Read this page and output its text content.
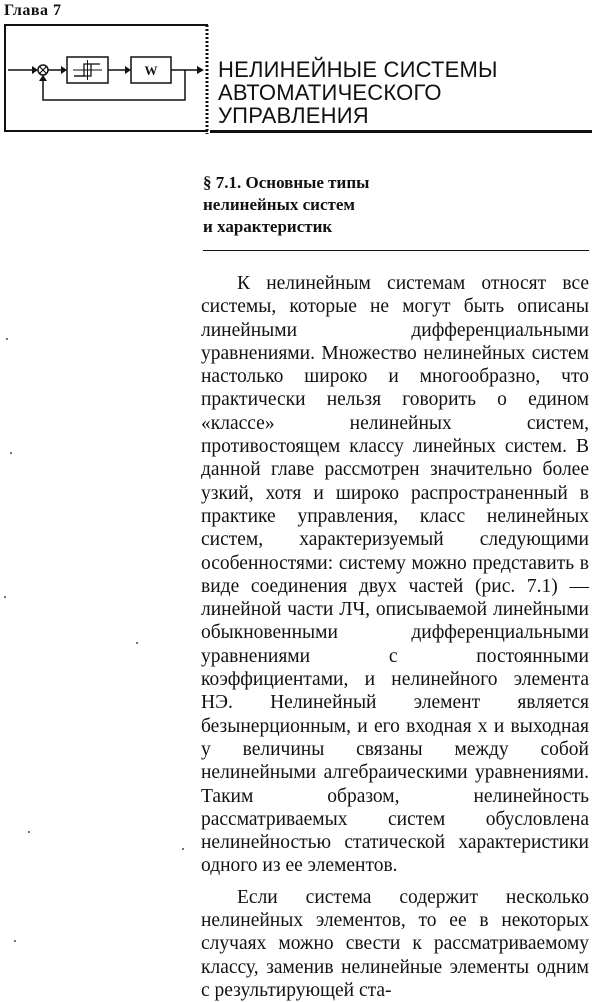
Глава 7
W	НЕЛИНЕЙНЫЕ СИСТЕМЫ
АВТОМАТИЧЕСКОГО
УПРАВЛЕНИЯ
§ 7.1. Основные типы
нелинейных систем
и характеристик

К нелинейным системам относят все системы, которые не могут быть описаны линейными дифференциальными уравнениями. Множество нелинейных систем настолько широко и многообразно, что практически нельзя говорить о едином «классе» нелинейных систем, противостоящем классу линейных систем. В данной главе рассмотрен значительно более узкий, хотя и широко распространенный в практике управления, класс нелинейных систем, характеризуемый следующими особенностями: систему можно представить в виде соединения двух частей (рис. 7.1) — линейной части ЛЧ, описываемой линейными обыкновенными дифференциальными уравнениями с постоянными коэффициентами, и нелинейного элемента НЭ. Нелинейный элемент является безынерционным, и его входная x и выходная y величины связаны между собой нелинейными алгебраическими уравнениями. Таким образом, нелинейность рассматриваемых систем обусловлена нелинейностью статической характеристики одного из ее элементов.

Если система содержит несколько нелинейных элементов, то ее в некоторых случаях можно свести к рассматриваемому классу, заменив нелинейные элементы одним с результирующей ста-
